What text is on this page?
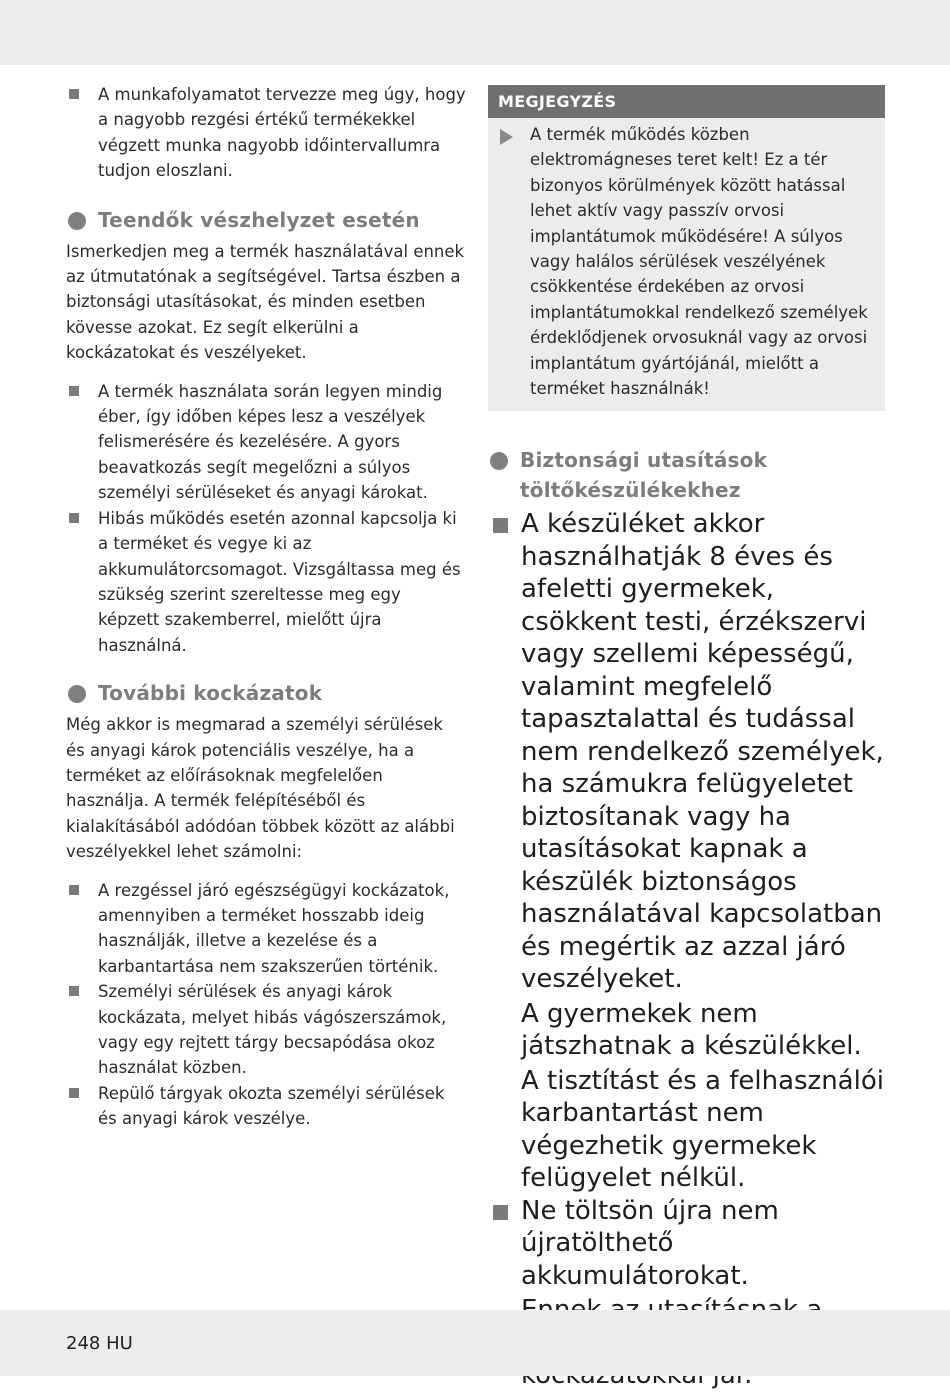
A munkafolyamatot tervezze meg úgy, hogy a nagyobb rezgési értékű termékekkel végzett munka nagyobb időintervallumra tudjon eloszlani.
Teendők vészhelyzet esetén

Ismerkedjen meg a termék használatával ennek az útmutatónak a segítségével. Tartsa észben a biztonsági utasításokat, és minden esetben kövesse azokat. Ez segít elkerülni a kockázatokat és veszélyeket.

A termék használata során legyen mindig éber, így időben képes lesz a veszélyek felismerésére és kezelésére. A gyors beavatkozás segít megelőzni a súlyos személyi sérüléseket és anyagi károkat.
Hibás működés esetén azonnal kapcsolja ki a terméket és vegye ki az akkumulátorcsomagot. Vizsgáltassa meg és szükség szerint szereltesse meg egy képzett szakemberrel, mielőtt újra használná.
További kockázatok

Még akkor is megmarad a személyi sérülések és anyagi károk potenciális veszélye, ha a terméket az előírásoknak megfelelően használja. A termék felépítéséből és kialakításából adódóan többek között az alábbi veszélyekkel lehet számolni:

A rezgéssel járó egészségügyi kockázatok, amennyiben a terméket hosszabb ideig használják, illetve a kezelése és a karbantartása nem szakszerűen történik.
Személyi sérülések és anyagi károk kockázata, melyet hibás vágószerszámok, vagy egy rejtett tárgy becsapódása okoz használat közben.
Repülő tárgyak okozta személyi sérülések és anyagi károk veszélye.
MEGJEGYZÉS
A termék működés közben elektromágneses teret kelt! Ez a tér bizonyos körülmények között hatással lehet aktív vagy passzív orvosi implantátumok működésére! A súlyos vagy halálos sérülések veszélyének csökkentése érdekében az orvosi implantátumokkal rendelkező személyek érdeklődjenek orvosuknál vagy az orvosi implantátum gyártójánál, mielőtt a terméket használnák!
Biztonsági utasítások
töltőkészülékekhez

A készüléket akkor használhatják 8 éves és afeletti gyermekek, csökkent testi, érzékszervi vagy szellemi képességű, valamint megfelelő tapasztalattal és tudással nem rendelkező személyek, ha számukra felügyeletet biztosítanak vagy ha utasításokat kapnak a készülék biztonságos használatával kapcsolatban és megértik az azzal járó veszélyeket.

A gyermekek nem játszhatnak a készülékkel.

A tisztítást és a felhasználói karbantartást nem végezhetik gyermekek felügyelet nélkül.

Ne töltsön újra nem újratölthető akkumulátorokat.

248 HU
